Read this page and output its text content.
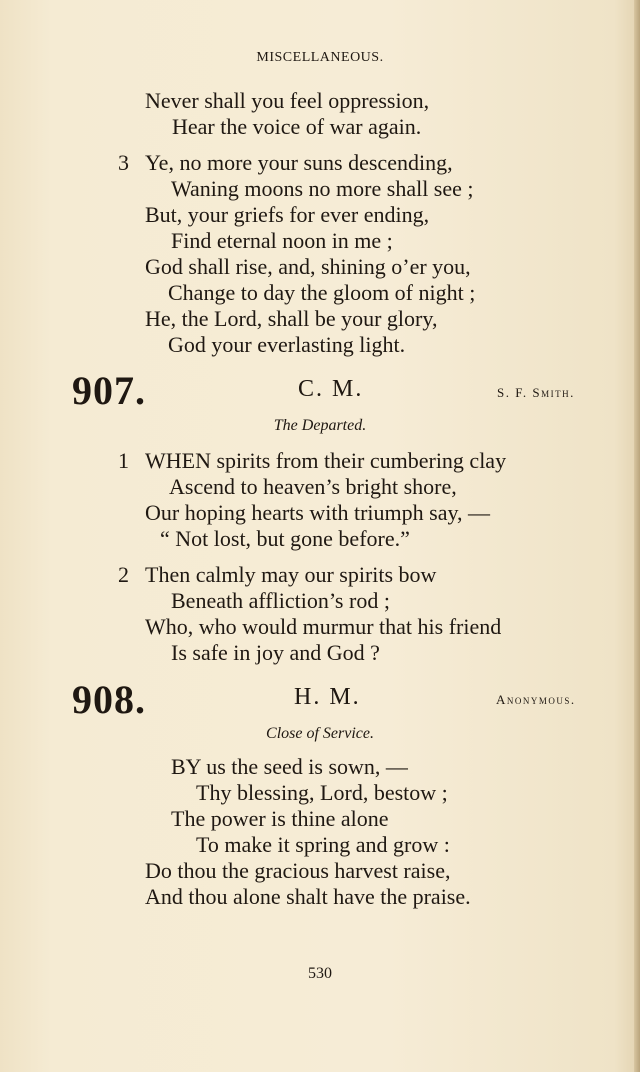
MISCELLANEOUS.
Never shall you feel oppression,
Hear the voice of war again.
3 Ye, no more your suns descending,
Waning moons no more shall see ;
But, your griefs for ever ending,
Find eternal noon in me ;
God shall rise, and, shining o’er you,
Change to day the gloom of night ;
He, the Lord, shall be your glory,
God your everlasting light.
907.	C. M.	S. F. Smith.
The Departed.
1 WHEN spirits from their cumbering clay
Ascend to heaven’s bright shore,
Our hoping hearts with triumph say, —
“ Not lost, but gone before.”
2 Then calmly may our spirits bow
Beneath affliction’s rod ;
Who, who would murmur that his friend
Is safe in joy and God ?
908.	H. M.	Anonymous.
Close of Service.
BY us the seed is sown, —
Thy blessing, Lord, bestow ;
The power is thine alone
To make it spring and grow :
Do thou the gracious harvest raise,
And thou alone shalt have the praise.
530
